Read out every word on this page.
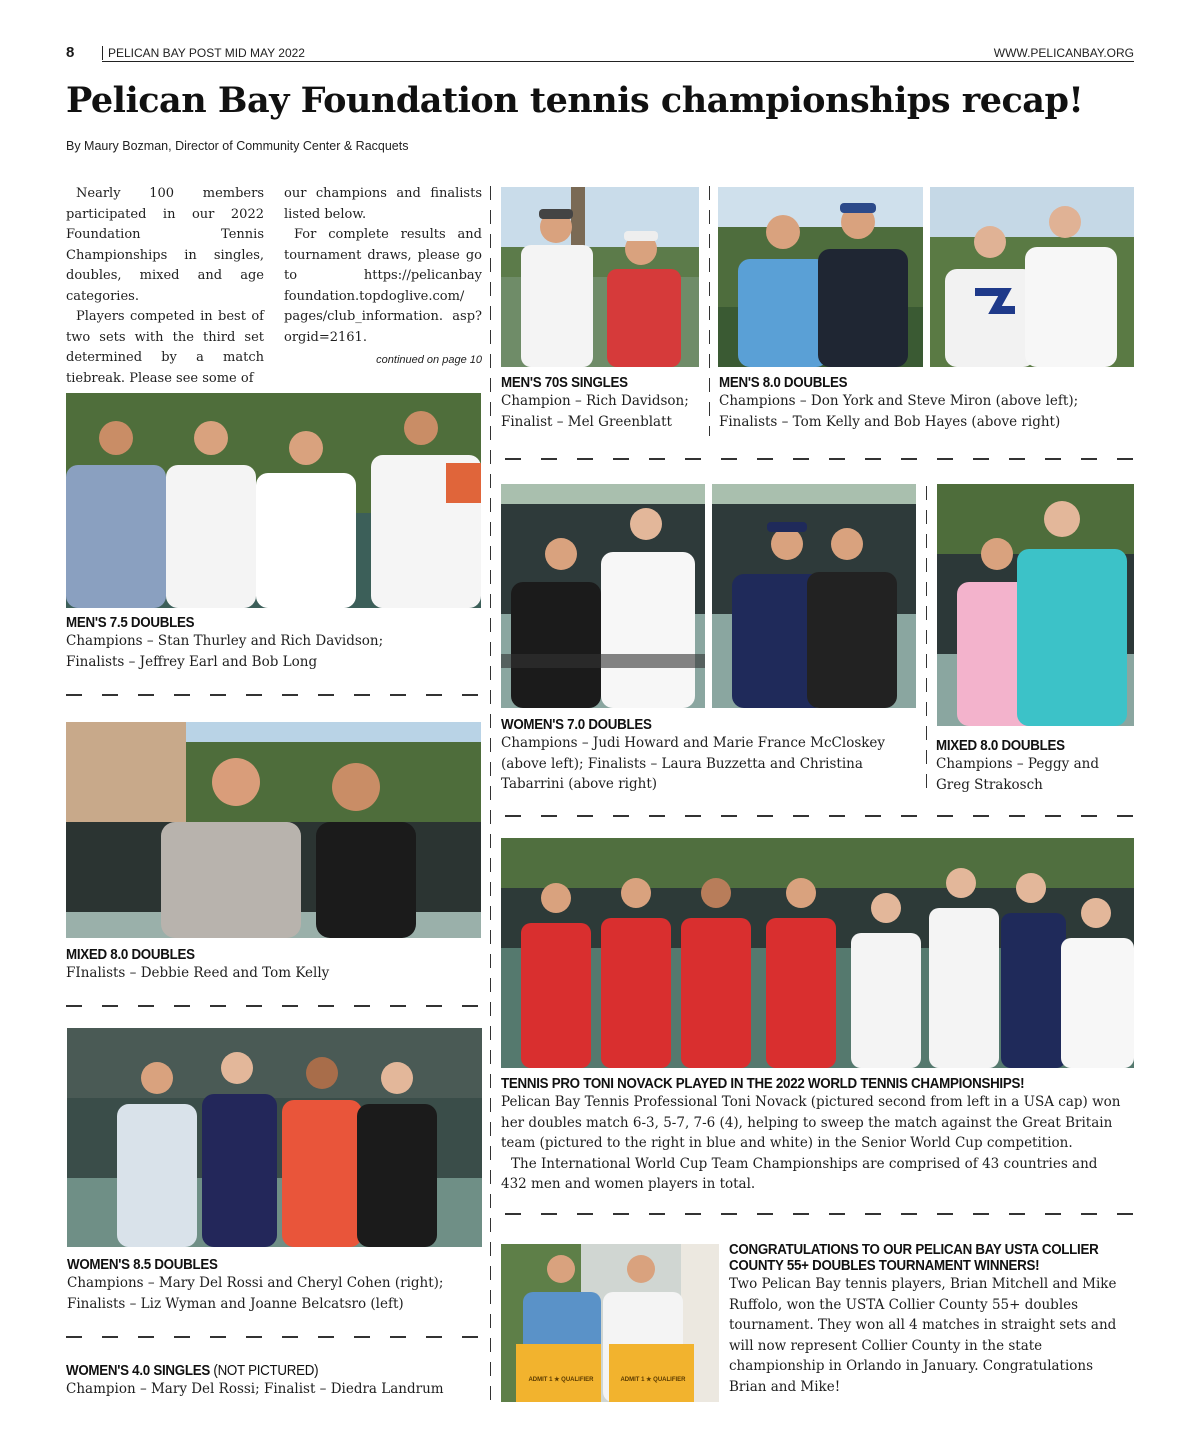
8	PELICAN BAY POST MID MAY 2022	WWW.PELICANBAY.ORG
Pelican Bay Foundation tennis championships recap!
By Maury Bozman, Director of Community Center & Racquets

Nearly 100 members participated in our 2022 Foundation Tennis Championships in singles, doubles, mixed and age categories.

Players competed in best of two sets with the third set determined by a match tiebreak. Please see some of

our champions and finalists listed below.

For complete results and tournament draws, please go to https://pelicanbay foundation.topdoglive.com/ pages/club_information. asp?orgid=2161.

continued on page 10
MEN'S 70S SINGLES
Champion – Rich Davidson;
Finalist – Mel Greenblatt
MEN'S 8.0 DOUBLES
Champions – Don York and Steve Miron (above left);
Finalists – Tom Kelly and Bob Hayes (above right)
MEN'S 7.5 DOUBLES
Champions – Stan Thurley and Rich Davidson;
Finalists – Jeffrey Earl and Bob Long
WOMEN'S 7.0 DOUBLES
Champions – Judi Howard and Marie France McCloskey
(above left); Finalists – Laura Buzzetta and Christina
Tabarrini (above right)
MIXED 8.0 DOUBLES
Champions – Peggy and
Greg Strakosch
MIXED 8.0 DOUBLES
FInalists – Debbie Reed and Tom Kelly
TENNIS PRO TONI NOVACK PLAYED IN THE 2022 WORLD TENNIS CHAMPIONSHIPS!
Pelican Bay Tennis Professional Toni Novack (pictured second from left in a USA cap) won her doubles match 6-3, 5-7, 7-6 (4), helping to sweep the match against the Great Britain team (pictured to the right in blue and white) in the Senior World Cup competition.
The International World Cup Team Championships are comprised of 43 countries and 432 men and women players in total.
WOMEN'S 8.5 DOUBLES
Champions – Mary Del Rossi and Cheryl Cohen (right);
Finalists – Liz Wyman and Joanne Belcatsro (left)
WOMEN'S 4.0 SINGLES (NOT PICTURED)
Champion – Mary Del Rossi; Finalist – Diedra Landrum
ADMIT 1 ★ QUALIFIER	ADMIT 1 ★ QUALIFIER
CONGRATULATIONS TO OUR PELICAN BAY USTA COLLIER
COUNTY 55+ DOUBLES TOURNAMENT WINNERS!
Two Pelican Bay tennis players, Brian Mitchell and Mike Ruffolo, won the USTA Collier County 55+ doubles tournament. They won all 4 matches in straight sets and will now represent Collier County in the state championship in Orlando in January. Congratulations Brian and Mike!
